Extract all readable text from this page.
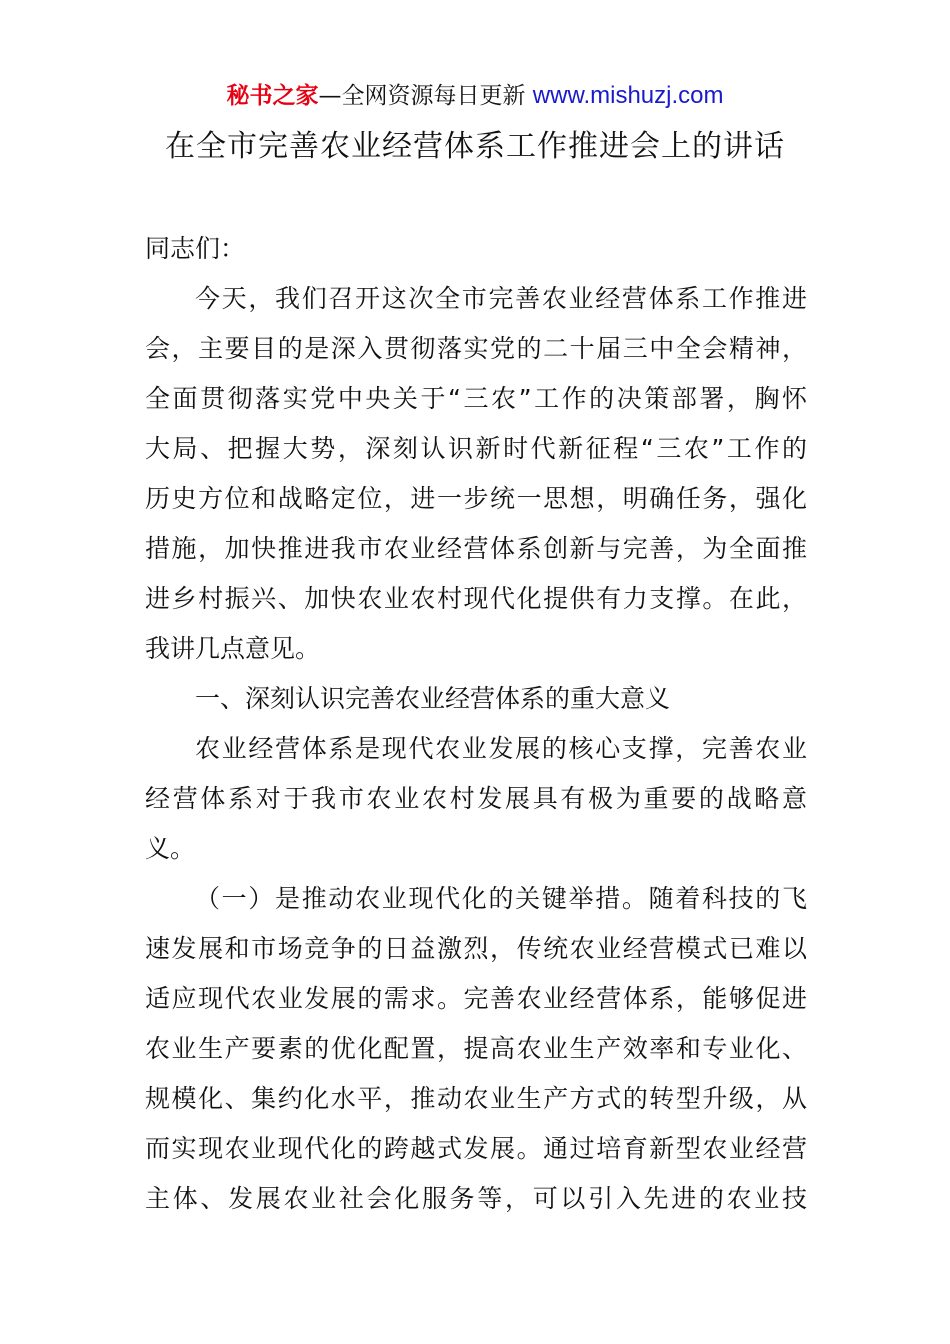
秘书之家—全网资源每日更新 www.mishuzj.com
在全市完善农业经营体系工作推进会上的讲话
同志们：
今天，我们召开这次全市完善农业经营体系工作推进
会，主要目的是深入贯彻落实党的二十届三中全会精神，
全面贯彻落实党中央关于“三农”工作的决策部署，胸怀
大局、把握大势，深刻认识新时代新征程“三农”工作的
历史方位和战略定位，进一步统一思想，明确任务，强化
措施，加快推进我市农业经营体系创新与完善，为全面推
进乡村振兴、加快农业农村现代化提供有力支撑。在此，
我讲几点意见。
一、深刻认识完善农业经营体系的重大意义
农业经营体系是现代农业发展的核心支撑，完善农业
经营体系对于我市农业农村发展具有极为重要的战略意
义。
（一）是推动农业现代化的关键举措。随着科技的飞
速发展和市场竞争的日益激烈，传统农业经营模式已难以
适应现代农业发展的需求。完善农业经营体系，能够促进
农业生产要素的优化配置，提高农业生产效率和专业化、
规模化、集约化水平，推动农业生产方式的转型升级，从
而实现农业现代化的跨越式发展。通过培育新型农业经营
主体、发展农业社会化服务等，可以引入先进的农业技
